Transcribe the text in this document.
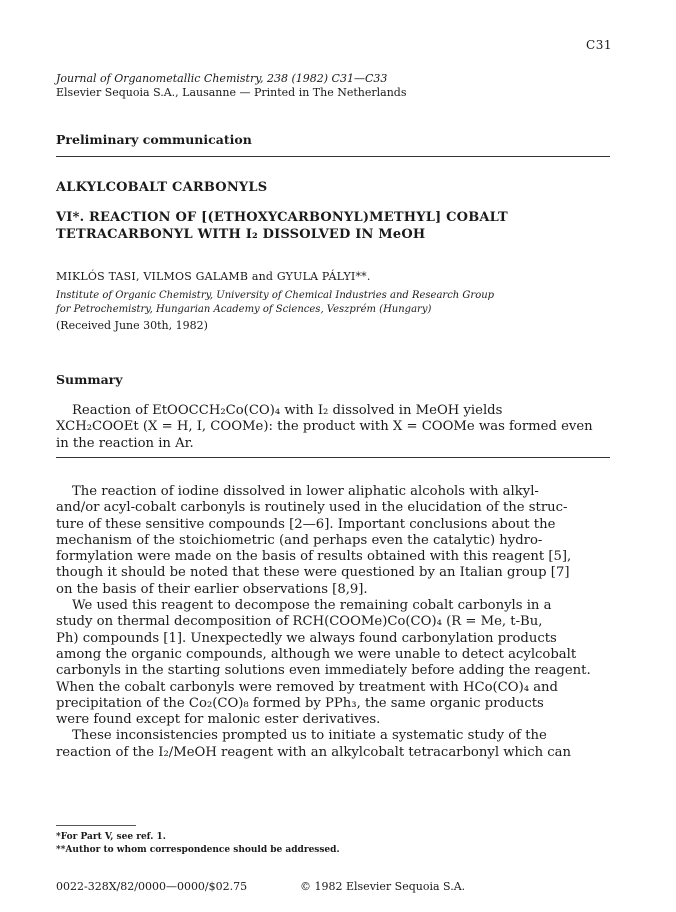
C31
Journal of Organometallic Chemistry, 238 (1982) C31—C33
Elsevier Sequoia S.A., Lausanne — Printed in The Netherlands
Preliminary communication
ALKYLCOBALT CARBONYLS
VI*. REACTION OF [(ETHOXYCARBONYL)METHYL] COBALT
TETRACARBONYL WITH I₂ DISSOLVED IN MeOH
MIKLÓS TASI, VILMOS GALAMB and GYULA PÁLYI**.
Institute of Organic Chemistry, University of Chemical Industries and Research Group
for Petrochemistry, Hungarian Academy of Sciences, Veszprém (Hungary)
(Received June 30th, 1982)
Summary

Reaction of EtOOCCH₂Co(CO)₄ with I₂ dissolved in MeOH yields

XCH₂COOEt (X = H, I, COOMe): the product with X = COOMe was formed even

in the reaction in Ar.

The reaction of iodine dissolved in lower aliphatic alcohols with alkyl-

and/or acyl-cobalt carbonyls is routinely used in the elucidation of the struc-

ture of these sensitive compounds [2—6]. Important conclusions about the

mechanism of the stoichiometric (and perhaps even the catalytic) hydro-

formylation were made on the basis of results obtained with this reagent [5],

though it should be noted that these were questioned by an Italian group [7]

on the basis of their earlier observations [8,9].

We used this reagent to decompose the remaining cobalt carbonyls in a

study on thermal decomposition of RCH(COOMe)Co(CO)₄ (R = Me, t-Bu,

Ph) compounds [1]. Unexpectedly we always found carbonylation products

among the organic compounds, although we were unable to detect acylcobalt

carbonyls in the starting solutions even immediately before adding the reagent.

When the cobalt carbonyls were removed by treatment with HCo(CO)₄ and

precipitation of the Co₂(CO)₈ formed by PPh₃, the same organic products

were found except for malonic ester derivatives.

These inconsistencies prompted us to initiate a systematic study of the

reaction of the I₂/MeOH reagent with an alkylcobalt tetracarbonyl which can

*For Part V, see ref. 1.
**Author to whom correspondence should be addressed.
0022-328X/82/0000—0000/$02.75	© 1982 Elsevier Sequoia S.A.
